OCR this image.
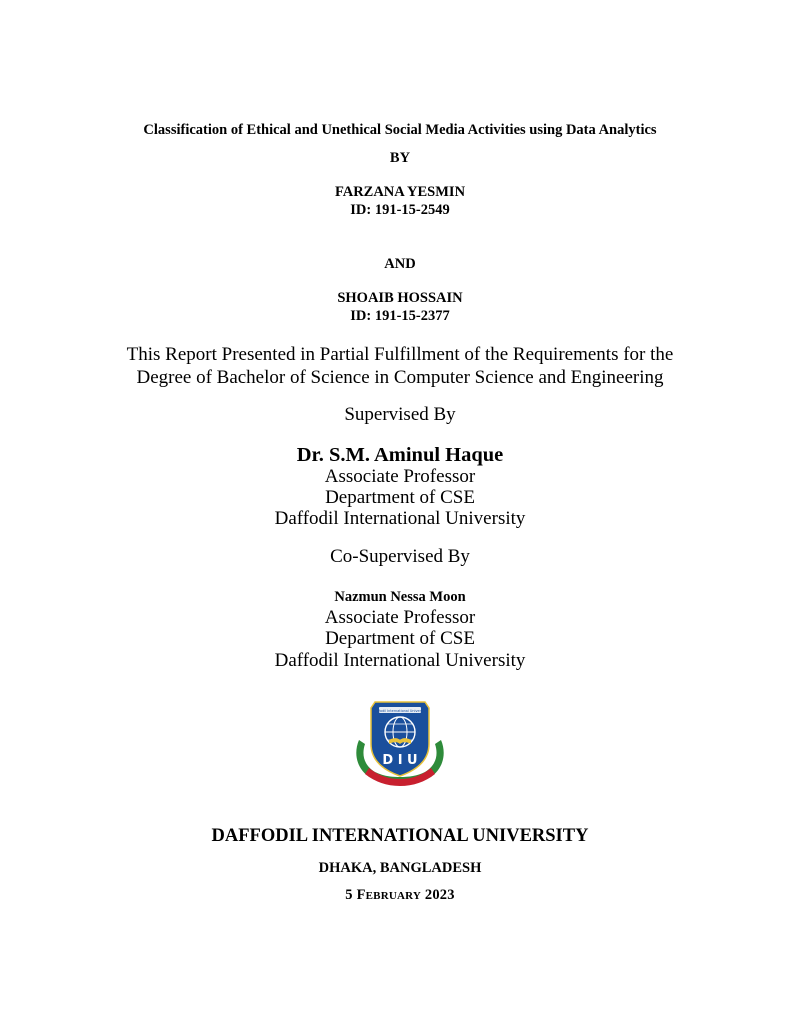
Classification of Ethical and Unethical Social Media Activities using Data Analytics
BY
FARZANA YESMIN
ID: 191-15-2549
AND
SHOAIB HOSSAIN
ID: 191-15-2377
This Report Presented in Partial Fulfillment of the Requirements for the
Degree of Bachelor of Science in Computer Science and Engineering
Supervised By
Dr. S.M. Aminul Haque
Associate Professor
Department of CSE
Daffodil International University
Co-Supervised By
Nazmun Nessa Moon
Associate Professor
Department of CSE
Daffodil International University
Daffodil International University
D I U
DAFFODIL INTERNATIONAL UNIVERSITY
DHAKA, BANGLADESH
5 FEBRUARY 2023
